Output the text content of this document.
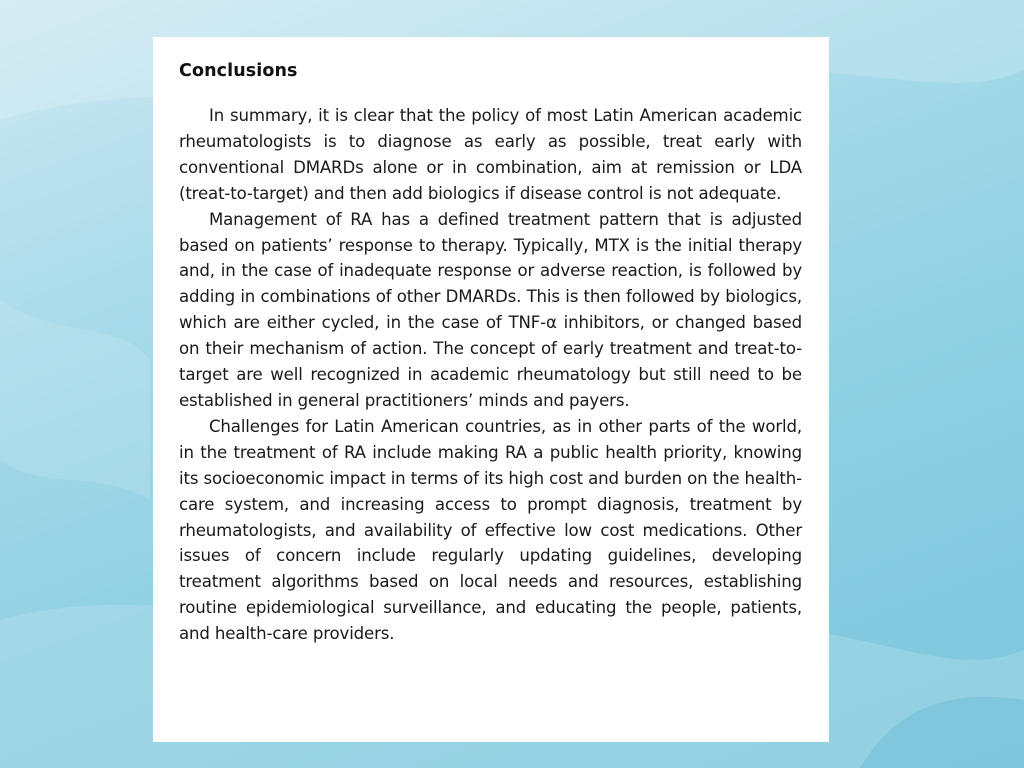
Conclusions

In summary, it is clear that the policy of most Latin American academic rheumatologists is to diagnose as early as possible, treat early with conventional DMARDs alone or in combination, aim at remission or LDA (treat-to-target) and then add biologics if disease control is not adequate.

Management of RA has a defined treatment pattern that is adjusted based on patients’ response to therapy. Typically, MTX is the initial therapy and, in the case of inadequate response or adverse reaction, is followed by adding in combinations of other DMARDs. This is then followed by biologics, which are either cycled, in the case of TNF-α inhibitors, or changed based on their mechanism of action. The concept of early treatment and treat-to-target are well recognized in academic rheumatology but still need to be established in general practitioners’ minds and payers.

Challenges for Latin American countries, as in other parts of the world, in the treatment of RA include making RA a public health priority, knowing its socioeconomic impact in terms of its high cost and burden on the health-care system, and increasing access to prompt diagnosis, treatment by rheumatologists, and availability of effective low cost medications. Other issues of concern include regularly updating guidelines, developing treatment algorithms based on local needs and resources, establishing routine epidemiological surveillance, and educating the people, patients, and health-care providers.
